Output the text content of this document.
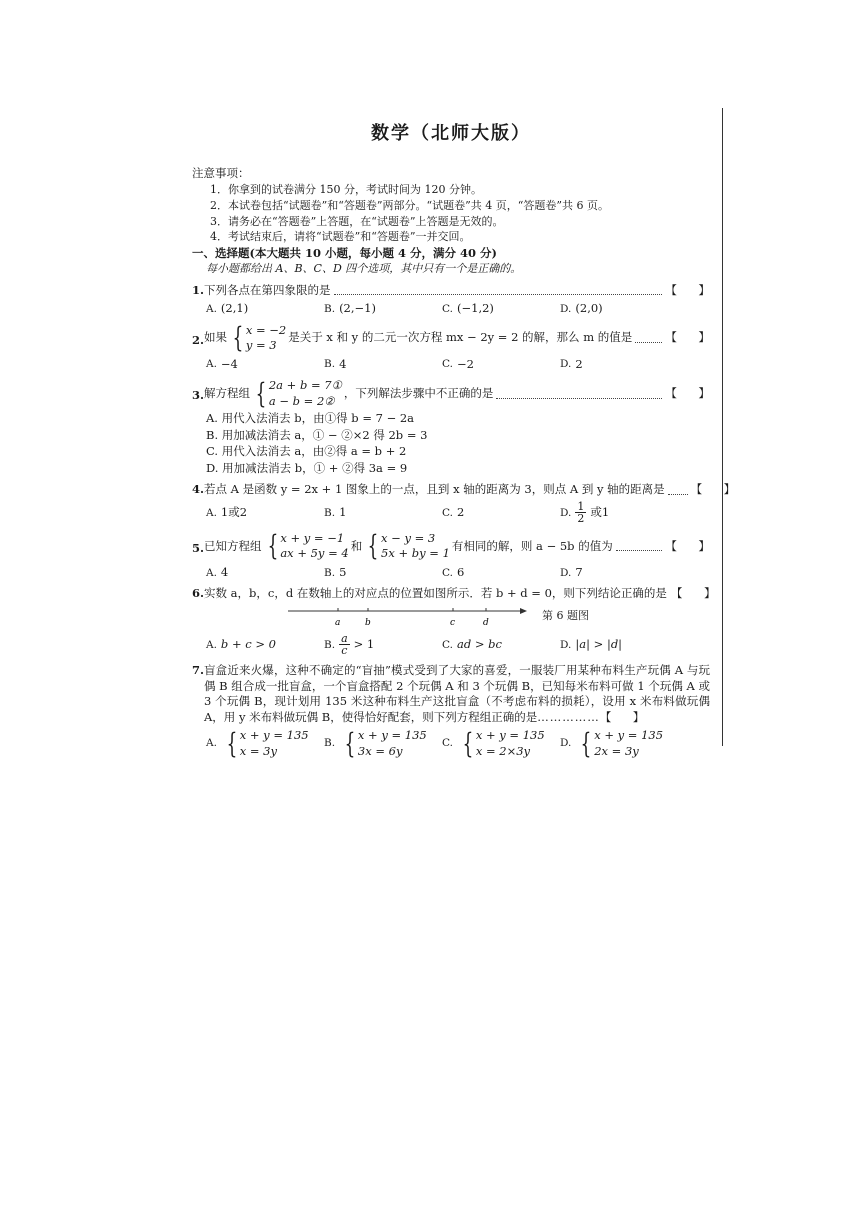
数学（北师大版）
注意事项：
1．你拿到的试卷满分 150 分，考试时间为 120 分钟。
2．本试卷包括“试题卷”和“答题卷”两部分。“试题卷”共 4 页，“答题卷”共 6 页。
3．请务必在“答题卷”上答题，在“试题卷”上答题是无效的。
4．考试结束后，请将“试题卷”和“答题卷”一并交回。
一、选择题(本大题共 10 小题，每小题 4 分，满分 40 分)
每小题都给出 A、B、C、D 四个选项，其中只有一个是正确的。
1. 下列各点在第四象限的是	【 】
A. (2,1)	B. (2,−1)	C. (−1,2)	D. (2,0)
2. 如果 { x = −2
y = 3
是关于 x 和 y 的二元一次方程 mx − 2y = 2 的解，那么 m 的值是	【 】
A. −4	B. 4	C. −2	D. 2
3. 解方程组 { 2a + b = 7①
a − b = 2②
，下列解法步骤中不正确的是	【 】
A. 用代入法消去 b，由①得 b = 7 − 2a
B. 用加减法消去 a，① − ②×2 得 2b = 3
C. 用代入法消去 a，由②得 a = b + 2
D. 用加减法消去 b，① + ②得 3a = 9
4. 若点 A 是函数 y = 2x + 1 图象上的一点，且到 x 轴的距离为 3，则点 A 到 y 轴的距离是 【 】
A. 1或2	B. 1	C. 2	D. $\frac{1}{2}$ 或1
5. 已知方程组 { x + y = −1
ax + 5y = 4
和 { x − y = 3
5x + by = 1
有相同的解，则 a − 5b 的值为	【 】
A. 4	B. 5	C. 6	D. 7
6. 实数 a，b，c，d 在数轴上的对应点的位置如图所示．若 b + d = 0，则下列结论正确的是 【 】
a	b	c	d
第 6 题图
A. b + c > 0	B. $\frac{a}{c} > 1$	C. ad > bc	D. |a| > |d|
7. 盲盒近来火爆，这种不确定的“盲抽”模式受到了大家的喜爱，一服装厂用某种布料生产玩偶 A 与玩偶 B 组合成一批盲盒，一个盲盒搭配 2 个玩偶 A 和 3 个玩偶 B，已知每米布料可做 1 个玩偶 A 或 3 个玩偶 B，现计划用 135 米这种布料生产这批盲盒（不考虑布料的损耗），设用 x 米布料做玩偶 A，用 y 米布料做玩偶 B，使得恰好配套，则下列方程组正确的是……………【 】
A. { x + y = 135
x = 3y
B. { x + y = 135
3x = 6y
C. { x + y = 135
x = 2×3y
D. { x + y = 135
2x = 3y
